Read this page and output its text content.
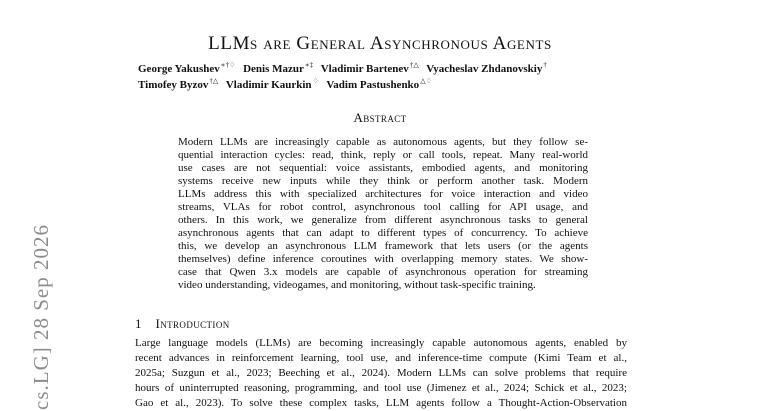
LLMs are General Asynchronous Agents
George Yakushev∗†♢ Denis Mazur∗‡ Vladimir Bartenev†△ Vyacheslav Zhdanovskiy†
Timofey Byzov†△ Vladimir Kaurkin♢ Vadim Pastushenko△♢
Abstract
Modern LLMs are increasingly capable as autonomous agents, but they follow se-
quential interaction cycles: read, think, reply or call tools, repeat. Many real-world
use cases are not sequential: voice assistants, embodied agents, and monitoring
systems receive new inputs while they think or perform another task. Modern
LLMs address this with specialized architectures for voice interaction and video
streams, VLAs for robot control, asynchronous tool calling for API usage, and
others. In this work, we generalize from different asynchronous tasks to general
asynchronous agents that can adapt to different types of concurrency. To achieve
this, we develop an asynchronous LLM framework that lets users (or the agents
themselves) define inference coroutines with overlapping memory states. We show-
case that Qwen 3.x models are capable of asynchronous operation for streaming
video understanding, videogames, and monitoring, without task-specific training.
1 Introduction
Large language models (LLMs) are becoming increasingly capable autonomous agents, enabled by
recent advances in reinforcement learning, tool use, and inference-time compute (Kimi Team et al.,
2025a; Suzgun et al., 2023; Beeching et al., 2024). Modern LLMs can solve problems that require
hours of uninterrupted reasoning, programming, and tool use (Jimenez et al., 2024; Schick et al., 2023;
Gao et al., 2023). To solve these complex tasks, LLM agents follow a Thought-Action-Observation
cs.LG] 28 Sep 2026
